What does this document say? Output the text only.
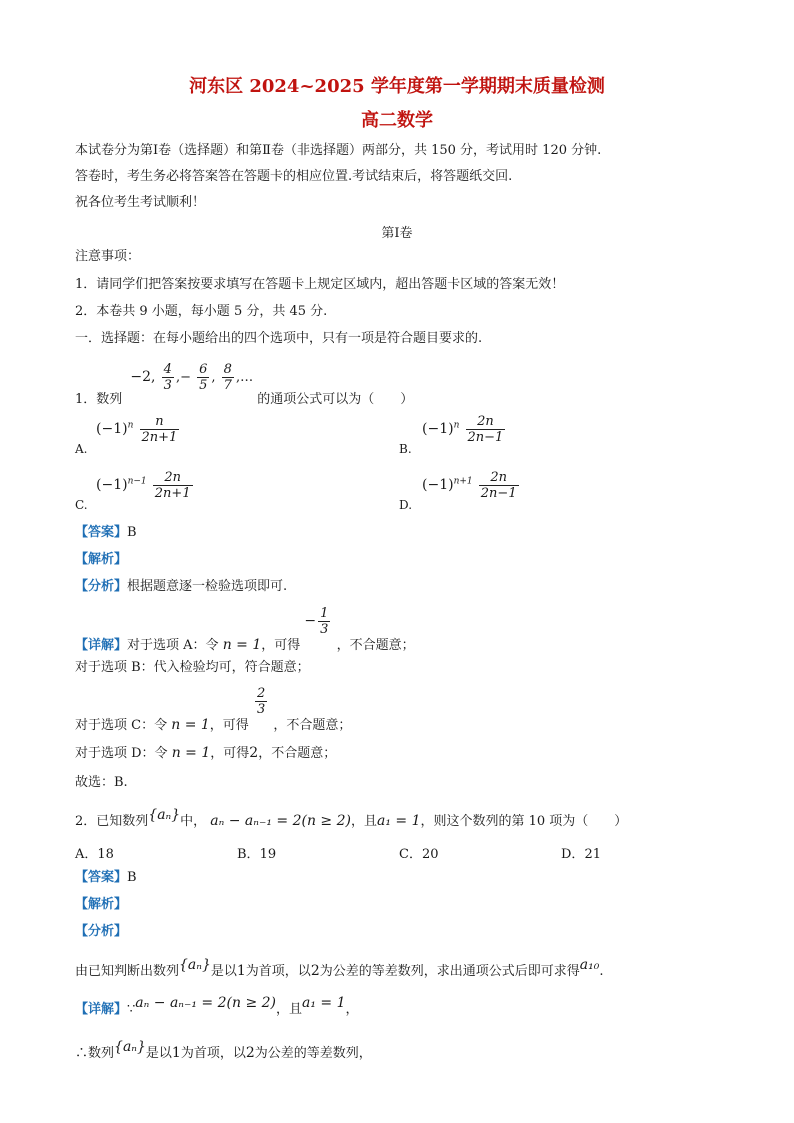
河东区 2024~2025 学年度第一学期期末质量检测
高二数学
本试卷分为第Ⅰ卷（选择题）和第Ⅱ卷（非选择题）两部分，共 150 分，考试用时 120 分钟.
答卷时，考生务必将答案答在答题卡的相应位置.考试结束后，将答题纸交回.
祝各位考生考试顺利！
第Ⅰ卷
注意事项：
1．请同学们把答案按要求填写在答题卡上规定区域内，超出答题卡区域的答案无效！
2．本卷共 9 小题，每小题 5 分，共 45 分.
一．选择题：在每小题给出的四个选项中，只有一项是符合题目要求的.
1．数列 −2, $\frac{4}{3}$ ,− $\frac{6}{5}$ , $\frac{8}{7}$ ,… 的通项公式可以为（　　）
$(-1)^n \frac{n}{2n+1}$
A.
$(-1)^n \frac{2n}{2n-1}$
B.
$(-1)^{n-1} \frac{2n}{2n+1}$
C.
$(-1)^{n+1} \frac{2n}{2n-1}$
D.
【答案】B
【解析】
【分析】根据题意逐一检验选项即可.
【详解】对于选项 A：令 n = 1，可得 − $\frac{1}{3}$
，不合题意；
对于选项 B：代入检验均可，符合题意；
对于选项 C：令 n = 1，可得
$\frac{2}{3}$
，不合题意；
对于选项 D：令 n = 1，可得2，不合题意；
故选：B.
2．已知数列{aₙ}中， aₙ − aₙ₋₁ = 2(n ≥ 2)，且a₁ = 1，则这个数列的第 10 项为（　　）
A．18	B．19	C．20	D．21
【答案】B
【解析】
【分析】
由已知判断出数列{aₙ}是以1为首项，以2为公差的等差数列，求出通项公式后即可求得a₁₀.
【详解】∵aₙ − aₙ₋₁ = 2(n ≥ 2)，且a₁ = 1，
∴数列{aₙ}是以1为首项，以2为公差的等差数列，
